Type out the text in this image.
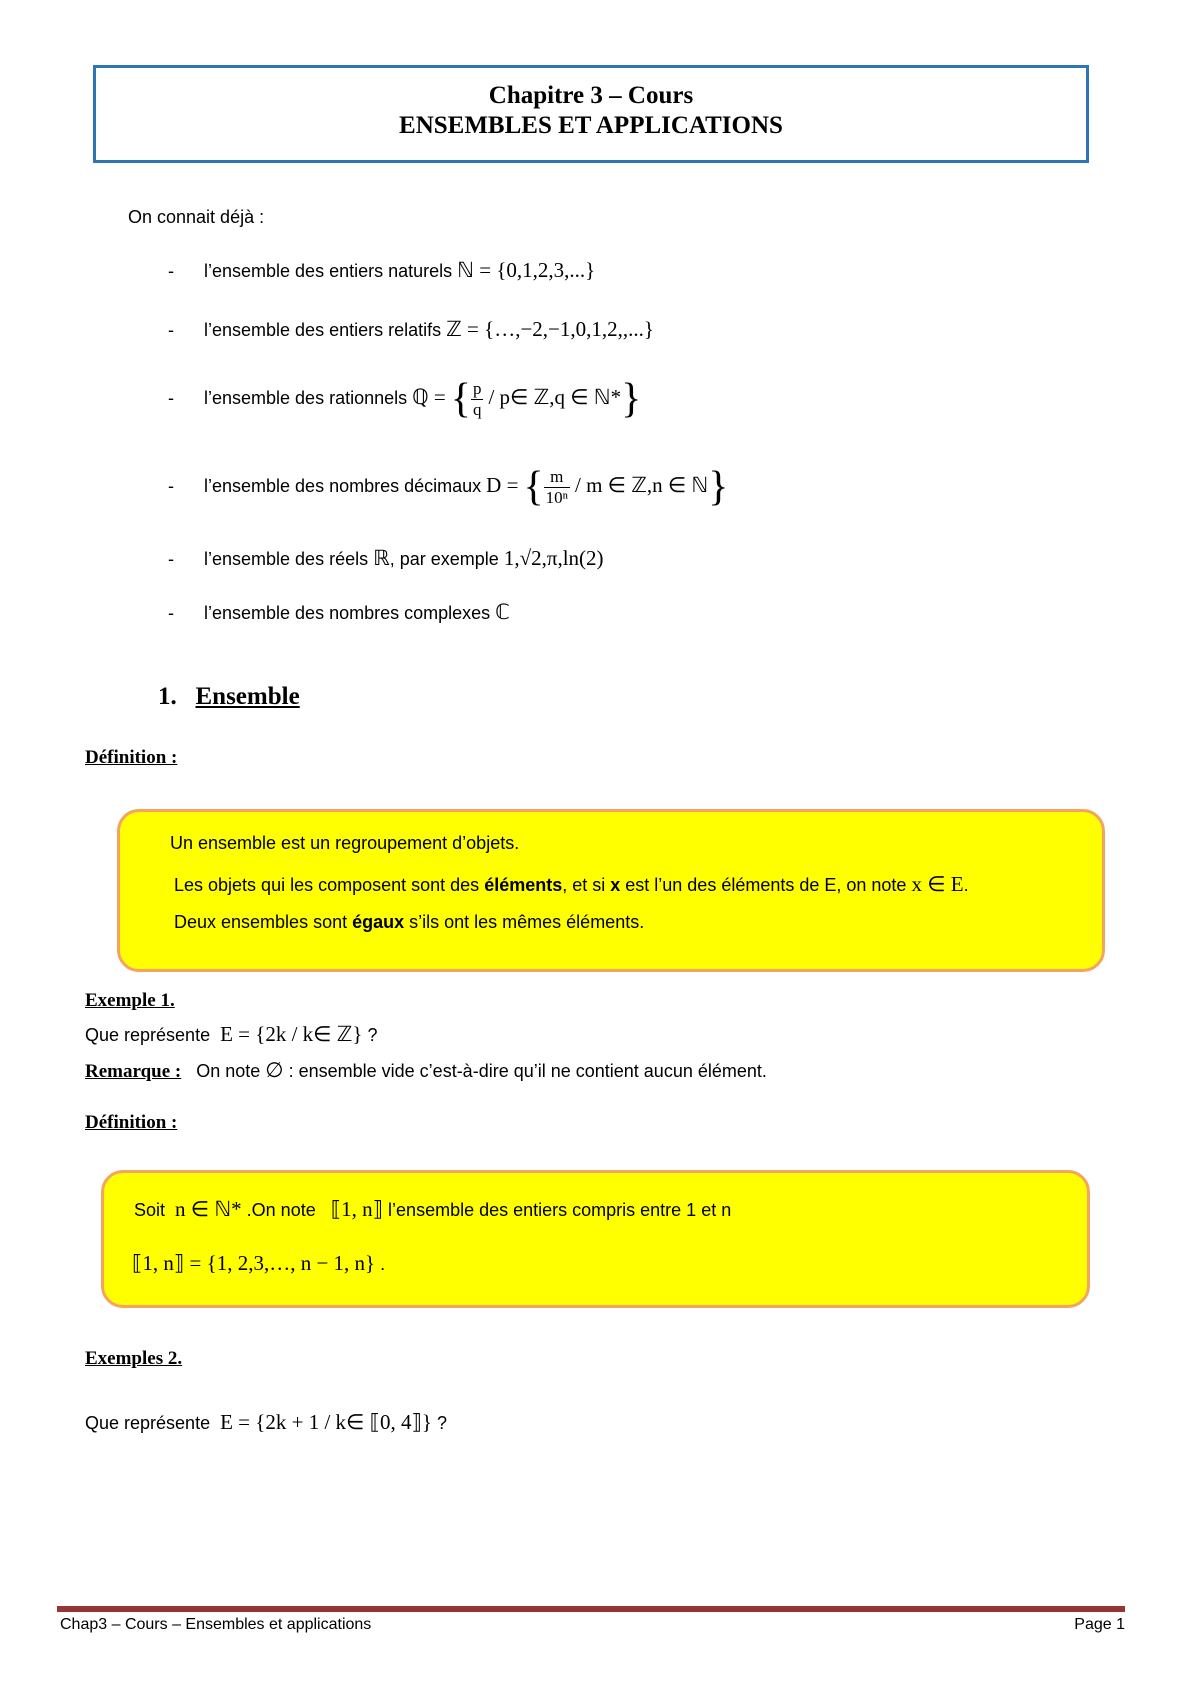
Chapitre 3 – Cours
ENSEMBLES ET APPLICATIONS
On connait déjà :
- l’ensemble des entiers naturels ℕ = {0,1,2,3,...}
- l’ensemble des entiers relatifs ℤ = {…,−2,−1,0,1,2,,...}
- l’ensemble des rationnels ℚ = { $\frac{p}{q}$ / p∈ ℤ,q ∈ ℕ*}
- l’ensemble des nombres décimaux D = { $\frac{m}{\text{10ⁿ}}$ / m ∈ ℤ,n ∈ ℕ}
- l’ensemble des réels ℝ, par exemple 1,√2,π,ln(2)
- l’ensemble des nombres complexes ℂ
1. Ensemble
Définition :
Un ensemble est un regroupement d’objets.
Les objets qui les composent sont des éléments, et si x est l’un des éléments de E, on note x ∈ E.
Deux ensembles sont égaux s’ils ont les mêmes éléments.
Exemple 1.
Que représente E = {2k / k∈ ℤ} ?
Remarque : On note ∅ : ensemble vide c’est-à-dire qu’il ne contient aucun élément.
Définition :
Soit n ∈ ℕ* .On note ⟦1, n⟧ l’ensemble des entiers compris entre 1 et n
⟦1, n⟧ = {1, 2,3,…, n − 1, n} .
Exemples 2.
Que représente E = {2k + 1 / k∈ ⟦0, 4⟧} ?
Chap3 – Cours – Ensembles et applications	Page 1
